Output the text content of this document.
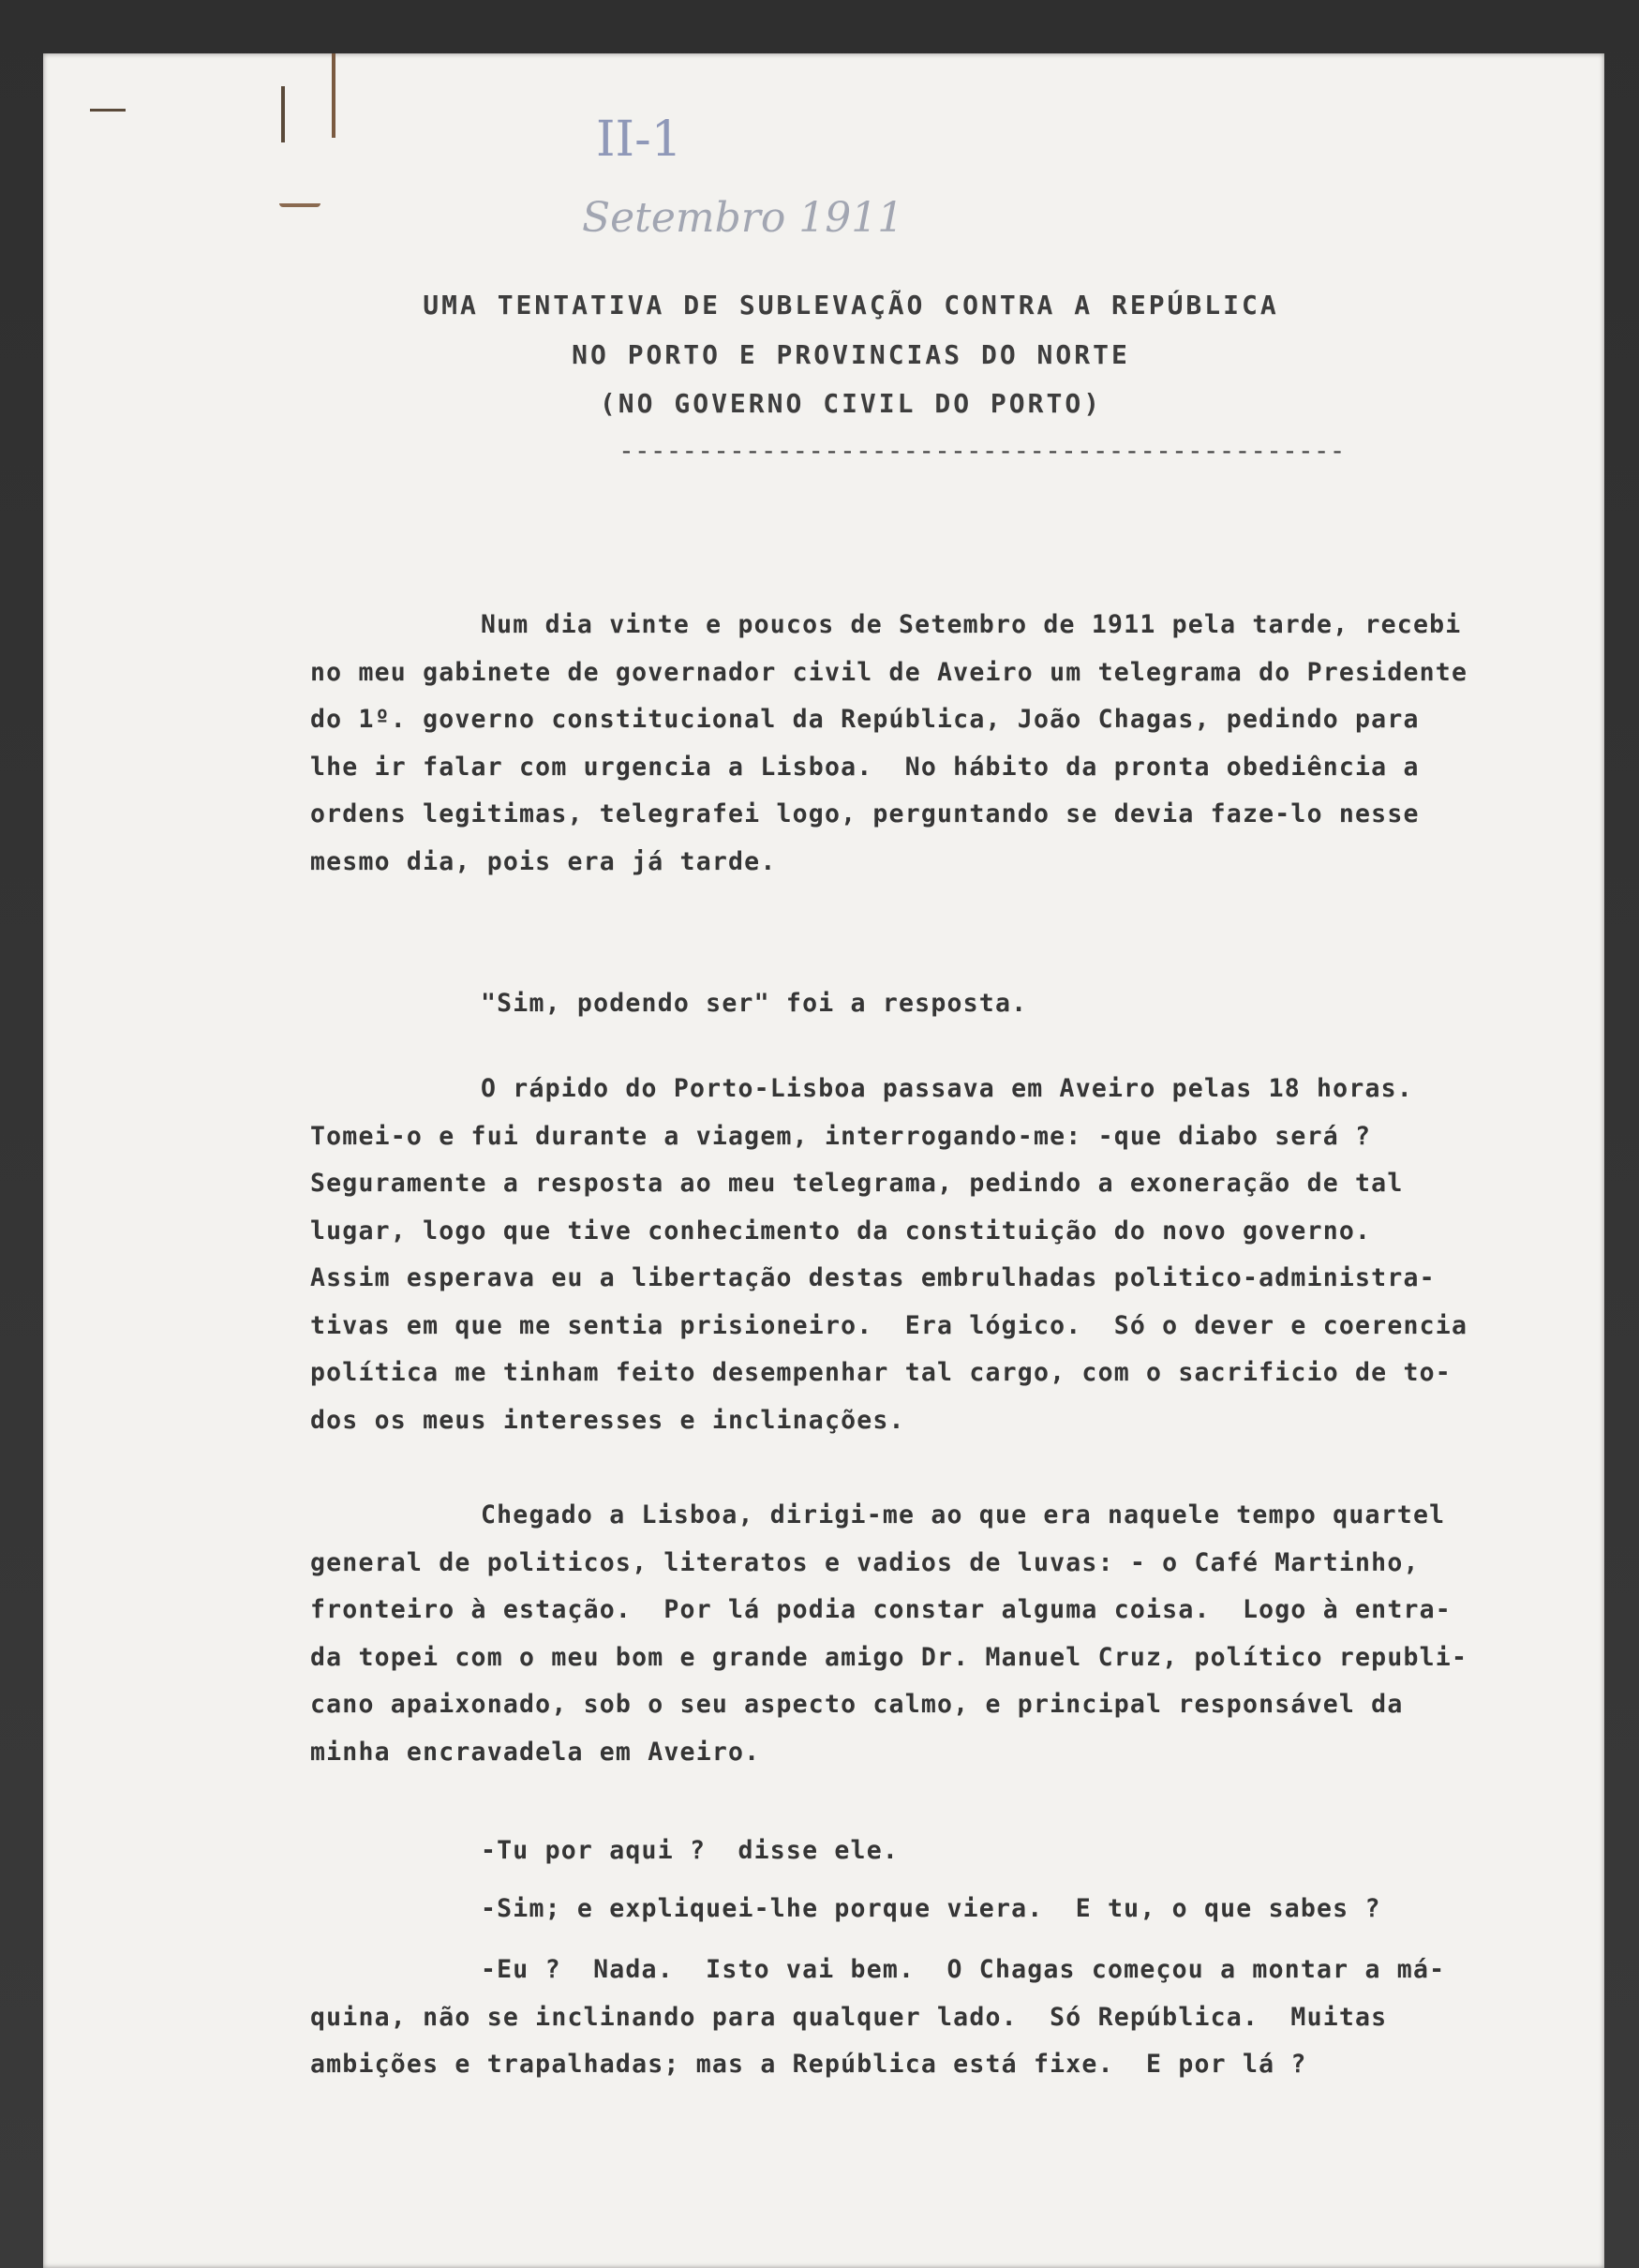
II-1
Setembro 1911
UMA TENTATIVA DE SUBLEVAÇÃO CONTRA A REPÚBLICA
NO PORTO E PROVINCIAS DO NORTE
(NO GOVERNO CIVIL DO PORTO)
----------------------------------------------
Num dia vinte e poucos de Setembro de 1911 pela tarde, recebi
no meu gabinete de governador civil de Aveiro um telegrama do Presidente
do 1º. governo constitucional da República, João Chagas, pedindo para
lhe ir falar com urgencia a Lisboa.  No hábito da pronta obediência a
ordens legitimas, telegrafei logo, perguntando se devia faze-lo nesse
mesmo dia, pois era já tarde.
"Sim, podendo ser" foi a resposta.
O rápido do Porto-Lisboa passava em Aveiro pelas 18 horas.
Tomei-o e fui durante a viagem, interrogando-me: -que diabo será ?
Seguramente a resposta ao meu telegrama, pedindo a exoneração de tal
lugar, logo que tive conhecimento da constituição do novo governo.
Assim esperava eu a libertação destas embrulhadas politico-administra-
tivas em que me sentia prisioneiro.  Era lógico.  Só o dever e coerencia
política me tinham feito desempenhar tal cargo, com o sacrificio de to-
dos os meus interesses e inclinações.
Chegado a Lisboa, dirigi-me ao que era naquele tempo quartel
general de politicos, literatos e vadios de luvas: - o Café Martinho,
fronteiro à estação.  Por lá podia constar alguma coisa.  Logo à entra-
da topei com o meu bom e grande amigo Dr. Manuel Cruz, político republi-
cano apaixonado, sob o seu aspecto calmo, e principal responsável da
minha encravadela em Aveiro.
-Tu por aqui ?  disse ele.
-Sim; e expliquei-lhe porque viera.  E tu, o que sabes ?
-Eu ?  Nada.  Isto vai bem.  O Chagas começou a montar a má-
quina, não se inclinando para qualquer lado.  Só República.  Muitas
ambições e trapalhadas; mas a República está fixe.  E por lá ?
